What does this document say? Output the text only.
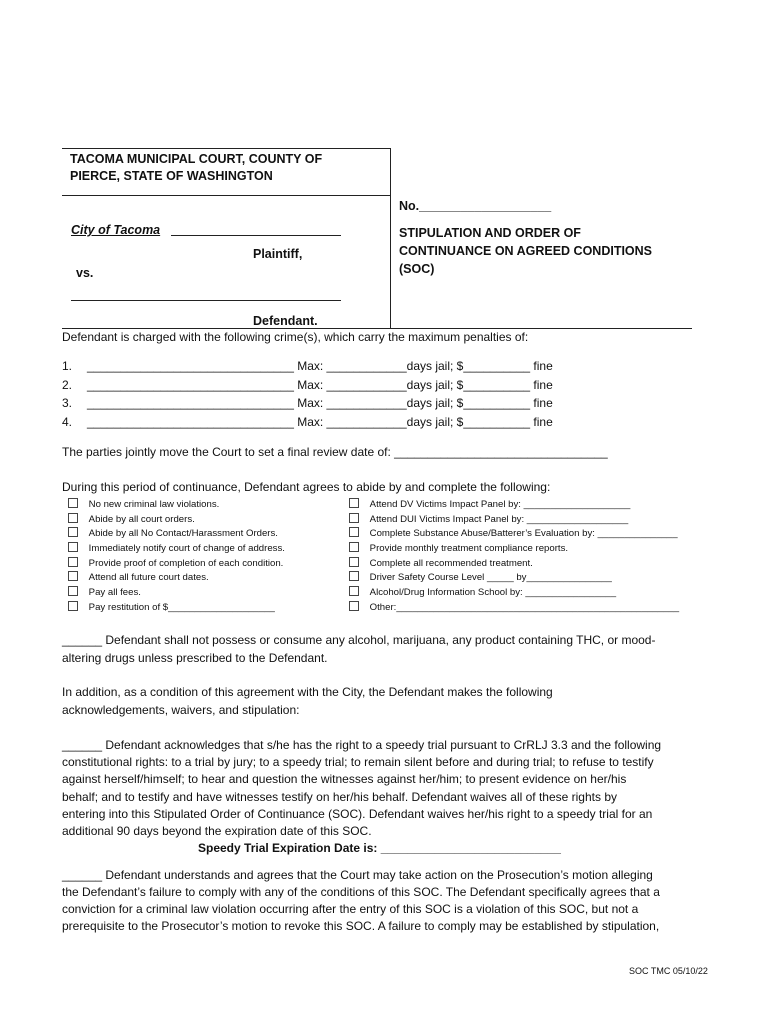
TACOMA MUNICIPAL COURT, COUNTY OF
PIERCE, STATE OF WASHINGTON
City of Tacoma
Plaintiff,
vs.
Defendant.
No.___________________
STIPULATION AND ORDER OF
CONTINUANCE ON AGREED CONDITIONS
(SOC)
Defendant is charged with the following crime(s), which carry the maximum penalties of:
1. _______________________________ Max: ____________days jail; $__________ fine
2. _______________________________ Max: ____________days jail; $__________ fine
3. _______________________________ Max: ____________days jail; $__________ fine
4. _______________________________ Max: ____________days jail; $__________ fine
The parties jointly move the Court to set a final review date of: ________________________________
During this period of continuance, Defendant agrees to abide by and complete the following:
No new criminal law violations.
Abide by all court orders.
Abide by all No Contact/Harassment Orders.
Immediately notify court of change of address.
Provide proof of completion of each condition.
Attend all future court dates.
Pay all fees.
Pay restitution of $____________________
Attend DV Victims Impact Panel by: ____________________
Attend DUI Victims Impact Panel by: ___________________
Complete Substance Abuse/Batterer’s Evaluation by: _______________
Provide monthly treatment compliance reports.
Complete all recommended treatment.
Driver Safety Course Level _____ by________________
Alcohol/Drug Information School by: _________________
Other:_____________________________________________________
______ Defendant shall not possess or consume any alcohol, marijuana, any product containing THC, or mood-
altering drugs unless prescribed to the Defendant.
In addition, as a condition of this agreement with the City, the Defendant makes the following
acknowledgements, waivers, and stipulation:
______ Defendant acknowledges that s/he has the right to a speedy trial pursuant to CrRLJ 3.3 and the following
constitutional rights: to a trial by jury; to a speedy trial; to remain silent before and during trial; to refuse to testify
against herself/himself; to hear and question the witnesses against her/him; to present evidence on her/his
behalf; and to testify and have witnesses testify on her/his behalf. Defendant waives all of these rights by
entering into this Stipulated Order of Continuance (SOC). Defendant waives her/his right to a speedy trial for an
additional 90 days beyond the expiration date of this SOC.
Speedy Trial Expiration Date is: ___________________________
______ Defendant understands and agrees that the Court may take action on the Prosecution’s motion alleging
the Defendant’s failure to comply with any of the conditions of this SOC. The Defendant specifically agrees that a
conviction for a criminal law violation occurring after the entry of this SOC is a violation of this SOC, but not a
prerequisite to the Prosecutor’s motion to revoke this SOC. A failure to comply may be established by stipulation,
SOC TMC 05/10/22
